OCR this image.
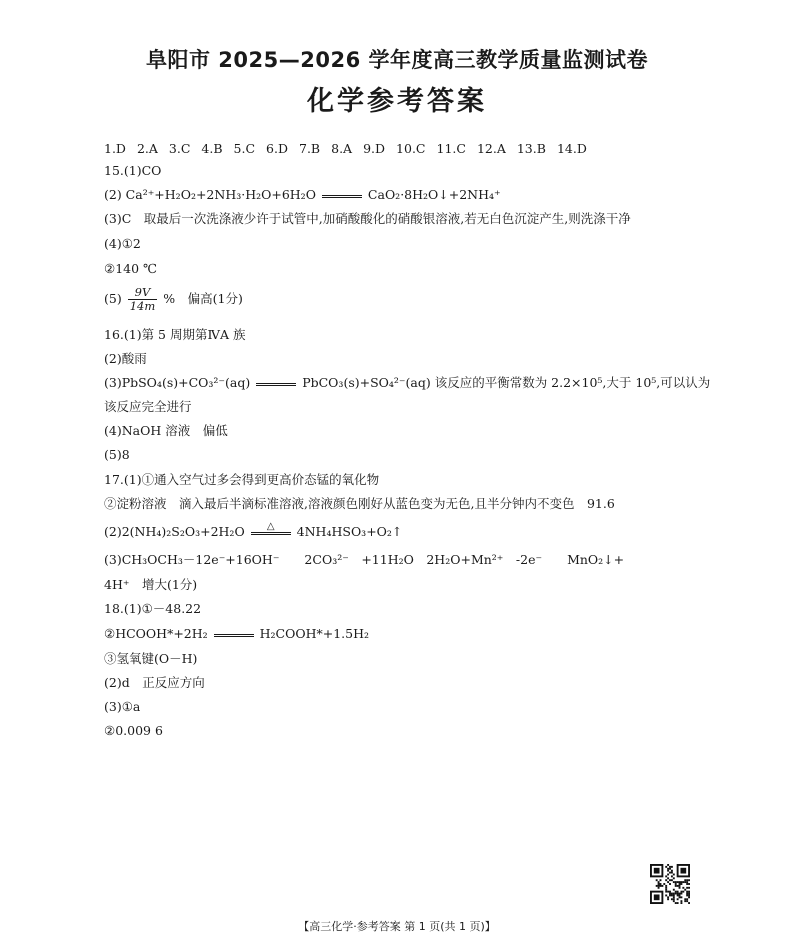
阜阳市 2025—2026 学年度高三教学质量监测试卷
化学参考答案
1.D 2.A 3.C 4.B 5.C 6.D 7.B 8.A 9.D 10.C 11.C 12.A 13.B 14.D
15.(1)CO
(2) Ca²⁺+H₂O₂+2NH₃·H₂O+6H₂O	CaO₂·8H₂O↓+2NH₄⁺
(3)C　取最后一次洗涤液少许于试管中,加硝酸酸化的硝酸银溶液,若无白色沉淀产生,则洗涤干净
(4)①2
②140 ℃
$(5) \frac{9V}{14m}$ %　偏高(1分)
16.(1)第 5 周期第ⅣA 族
(2)酸雨
(3)PbSO₄(s)+CO₃²⁻(aq)	PbCO₃(s)+SO₄²⁻(aq) 该反应的平衡常数为 2.2×10⁵,大于 10⁵,可以认为
该反应完全进行
(4)NaOH 溶液　偏低
(5)8
17.(1)①通入空气过多会得到更高价态锰的氧化物
②淀粉溶液　滴入最后半滴标准溶液,溶液颜色刚好从蓝色变为无色,且半分钟内不变色　91.6
(2)2(NH₄)₂S₂O₃+2H₂O	△	4NH₄HSO₃+O₂↑
(3)CH₃OCH₃－12e⁻+16OH⁻　　2CO₃²⁻　+11H₂O　2H₂O+Mn²⁺　-2e⁻　　MnO₂↓+
4H⁺　增大(1分)
18.(1)①－48.22
②HCOOH*+2H₂	H₂COOH*+1.5H₂
③氢氧键(O－H)
(2)d　正反应方向
(3)①a
②0.009 6
【高三化学·参考答案 第 1 页(共 1 页)】
